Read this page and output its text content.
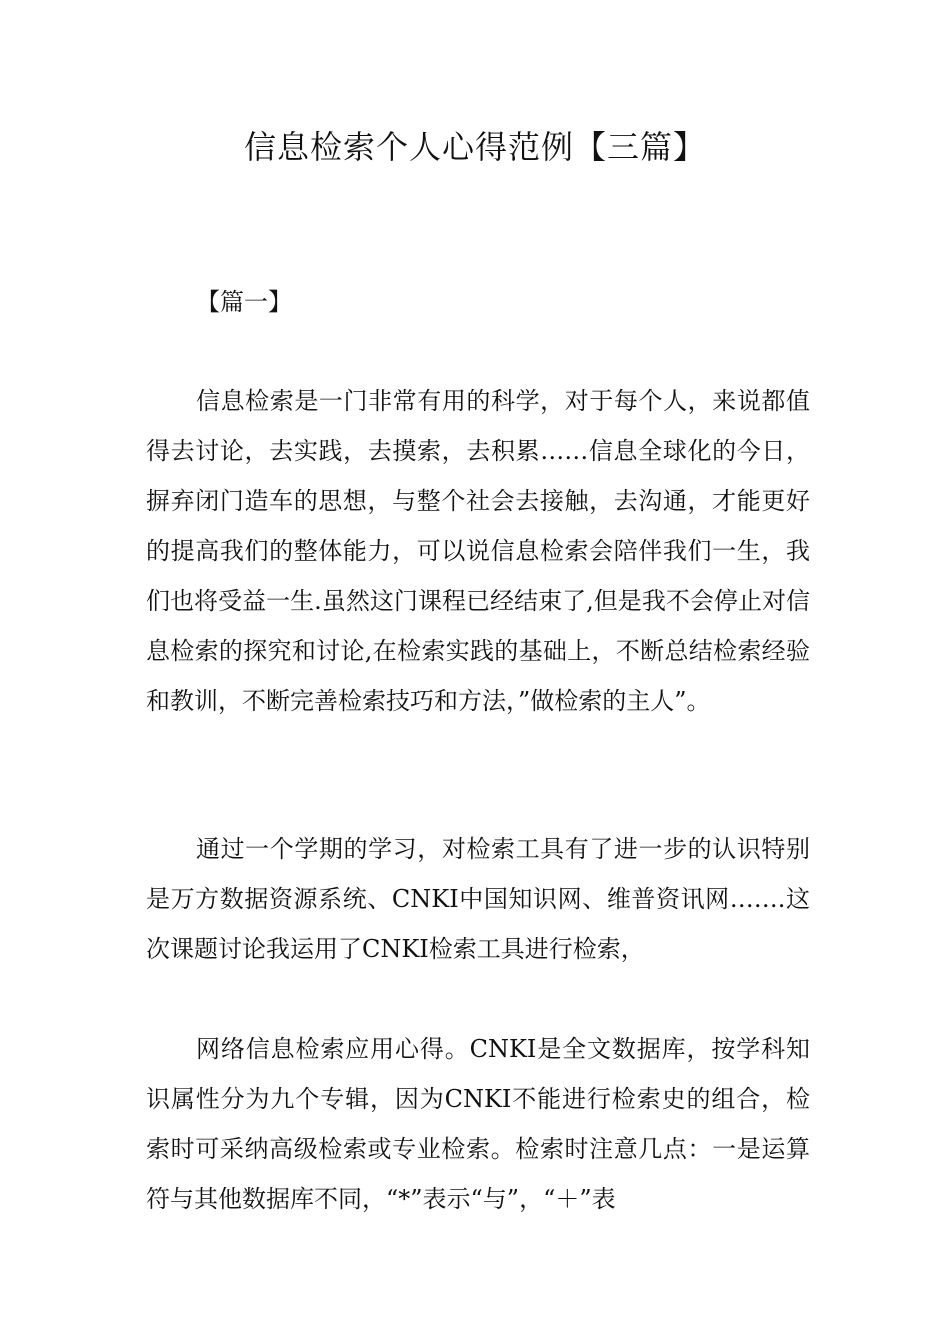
信息检索个人心得范例【三篇】
【篇一】

信息检索是一门非常有用的科学，对于每个人，来说都值得去讨论，去实践，去摸索，去积累……信息全球化的今日，摒弃闭门造车的思想，与整个社会去接触，去沟通，才能更好的提高我们的整体能力，可以说信息检索会陪伴我们一生，我们也将受益一生.虽然这门课程已经结束了,但是我不会停止对信息检索的探究和讨论,在检索实践的基础上，不断总结检索经验和教训，不断完善检索技巧和方法，”做检索的主人”。

通过一个学期的学习，对检索工具有了进一步的认识特别是万方数据资源系统、CNKI中国知识网、维普资讯网…….这次课题讨论我运用了CNKI检索工具进行检索，

网络信息检索应用心得。CNKI是全文数据库，按学科知识属性分为九个专辑，因为CNKI不能进行检索史的组合，检索时可采纳高级检索或专业检索。检索时注意几点：一是运算符与其他数据库不同，“*”表示“与”，“＋”表
